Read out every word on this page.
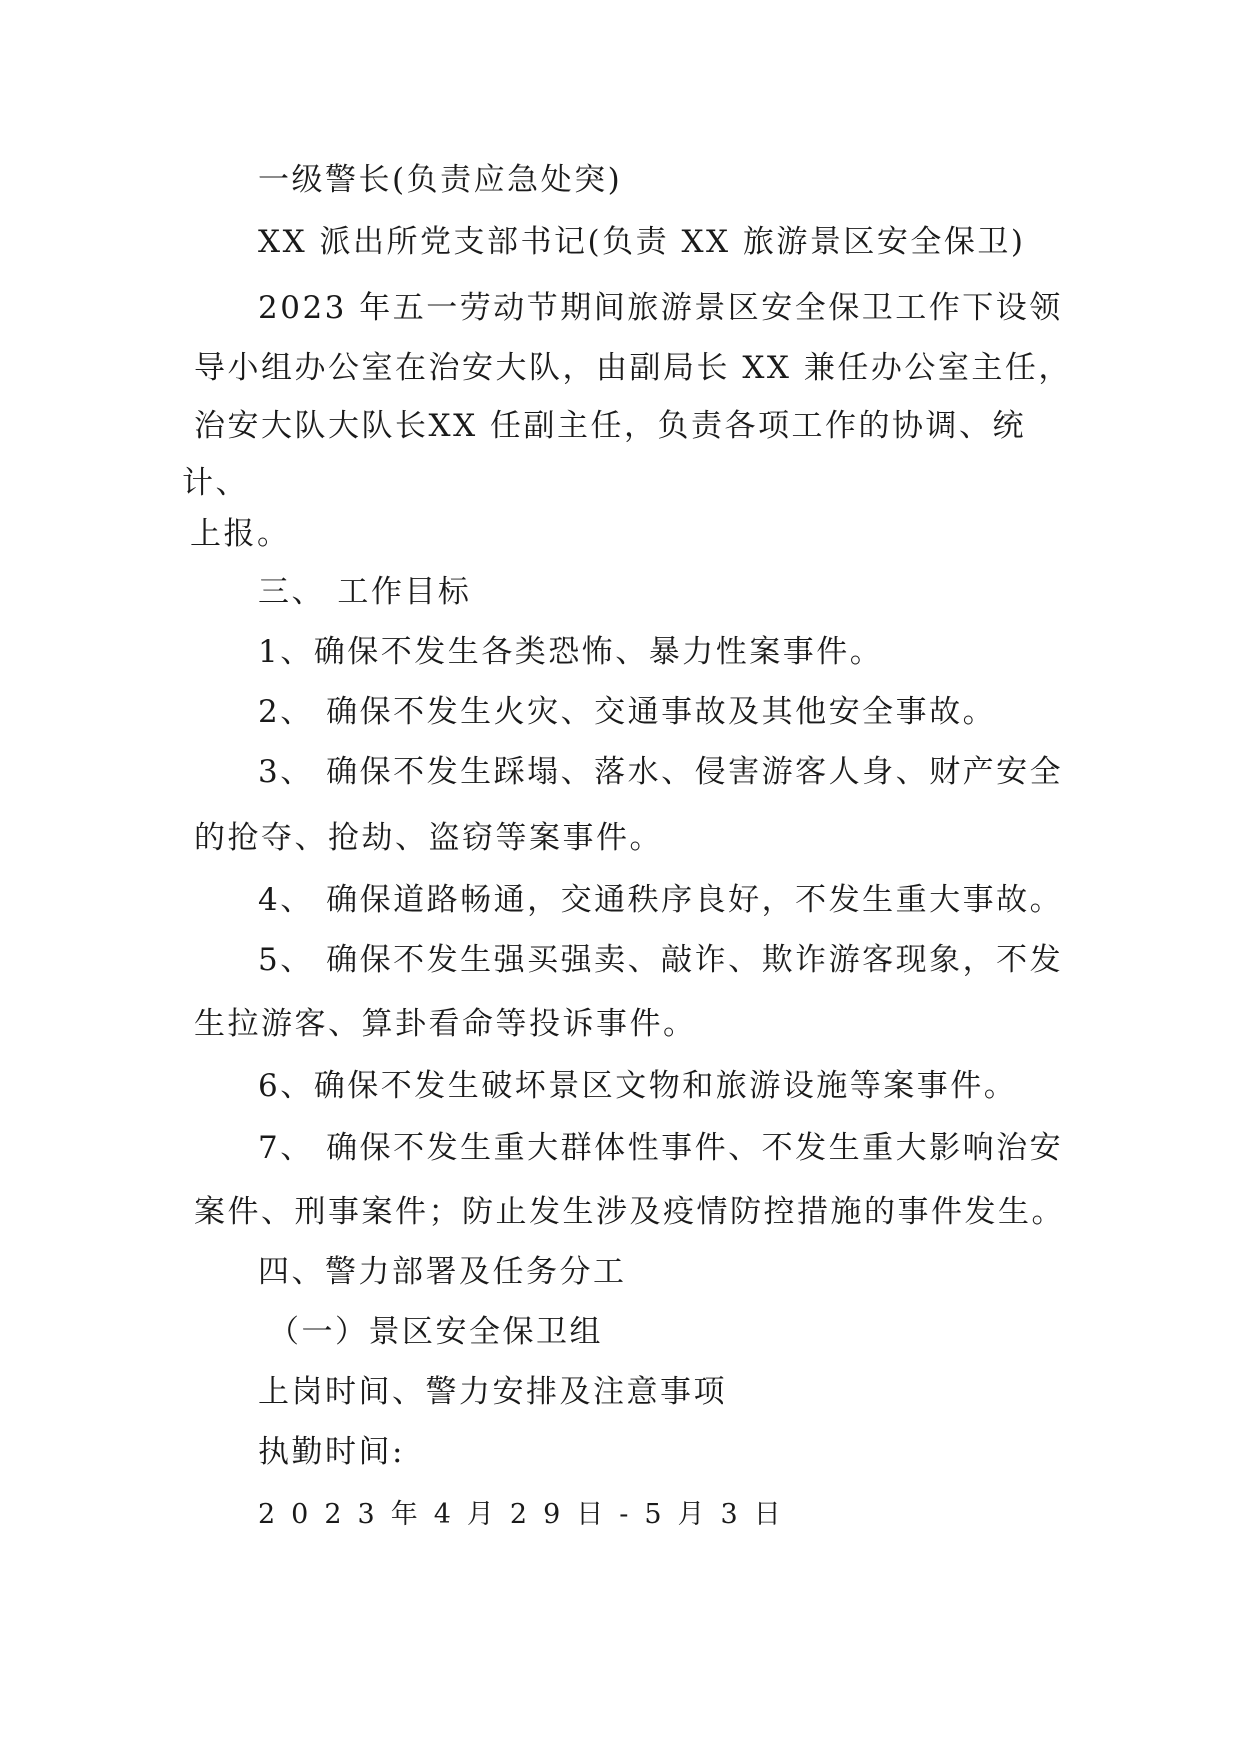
一级警长(负责应急处突)
XX 派出所党支部书记(负责 XX 旅游景区安全保卫)
2023 年五一劳动节期间旅游景区安全保卫工作下设领
导小组办公室在治安大队，由副局长 XX 兼任办公室主任，
治安大队大队长XX 任副主任，负责各项工作的协调、统
计、
上报。
三、 工作目标
1、确保不发生各类恐怖、暴力性案事件。
2、 确保不发生火灾、交通事故及其他安全事故。
3、 确保不发生踩塌、落水、侵害游客人身、财产安全
的抢夺、抢劫、盗窃等案事件。
4、 确保道路畅通，交通秩序良好，不发生重大事故。
5、 确保不发生强买强卖、敲诈、欺诈游客现象，不发
生拉游客、算卦看命等投诉事件。
6、确保不发生破坏景区文物和旅游设施等案事件。
7、 确保不发生重大群体性事件、不发生重大影响治安
案件、刑事案件；防止发生涉及疫情防控措施的事件发生。
四、警力部署及任务分工
（一）景区安全保卫组
上岗时间、警力安排及注意事项
执勤时间:
2023年4月29日-5月3日
